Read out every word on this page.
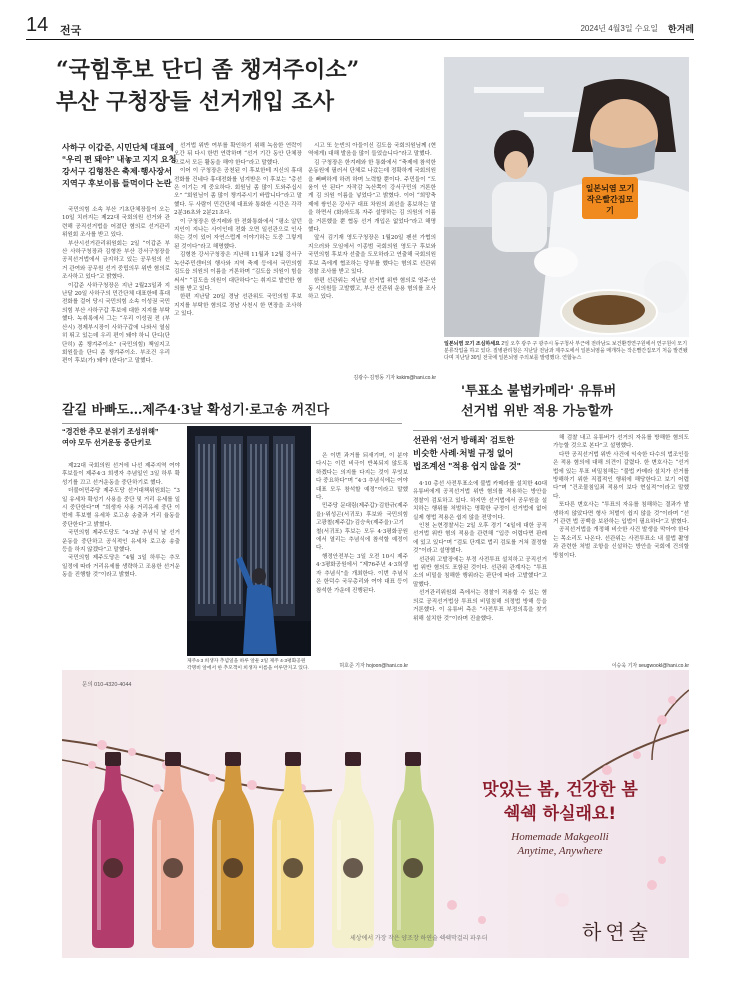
14 전국	2024년 4월3일 수요일 한겨레
“국힘후보 단디 좀 챙겨주이소”
부산 구청장들 선거개입 조사
사하구 이갑준, 시민단체 대표에
“우리 편 돼야” 내놓고 지지 요청
강서구 김형찬은 축제·행사장서
지역구 후보이름 들먹이다 논란

국민의힘 소속 부산 기초단체장들이 오는 10일 치러지는 제22대 국회의원 선거와 관련해 공직선거법을 어겼단 혐의로 선거관리위원회 조사를 받고 있다.

부산시선거관리위원회는 2일 “이갑준 부산 사하구청장과 김형찬 부산 강서구청장을 공직선거법에서 금지하고 있는 공무원의 선거 관여와 공무원 선거 중립의무 위반 혐의로 조사하고 있다”고 밝혔다.

이갑준 사하구청장은 지난 2월23일과 지난달 20일 사하구의 민간단체 대표한테 휴대전화를 걸어 당시 국민의힘 소속 이성권 국민의힘 부산 사하구갑 후보에 대한 지지를 부탁했다. 녹취록에서 그는 “우리 이성권 전 (부산시) 경제부시장이 사하구갑에 나와서 열심히 뛰고 있는데 우리 편이 돼야 하니 단디(단단히) 좀 챙겨주이소” (국민의힘) 책임지고 회원들을 단디 좀 챙겨주이소. 부조건 우리 편이 후보(가) 돼야 (한다)”고 말했다.

선거법 위반 여부를 확인하기 위해 녹음한 연락이 오간 뒤 다시 한번 연락하며 “선거 기간 동안 단체장으로서 모든 활동을 해야 한다”라고 말했다.

이어 이 구청장은 공천된 이 후보한테 지신의 휴대전화를 건네다 휴대전화를 넘겨받은 이 후보는 “총선은 이기는 게 중요하다. 회원님 좀 많이 도와주십시오” “회원님이 좀 많이 챙겨주시기 바랍니다”라고 말했다. 두 사람이 민간단체 대표와 통화한 시간은 각각 2분36초와 2분21초다.

이 구청장은 한겨레와 한 전화통화에서 “평소 알던 지인이 지나는 사이인데 전화 오면 일선관으로 인사하는 것이 있어 자연스럽게 이야기하는 도중 그렇게 된 것이다”라고 해명했다.

김형찬 강서구청장은 지난해 11월과 12월 강서구 녹산주민센터의 행사와 지역 축제 등에서 국민의힘 김도읍 의원의 이름을 거론하며 “김도읍 의원이 힘을 써서” “김도읍 의원이 대단하다”는 취지로 발언한 혐의를 받고 있다.

한편 지난달 20일 경남 선관위도 국민의힘 후보 지지를 부탁한 혐의로 경남 사천시 한 면장을 조사하고 있다.

시고 또 눈빈의 아들이신 김도읍 국회의원님께 (현역에게) 대해 발음을 많이 들었습니다”라고 말했다.

김 구청장은 한겨레와 한 통화에서 “축제에 참석한 운동원에 필러서 단체로 나갔는데 정확하게 국회의원을 뻐뻐하게 하려 하며 노력할 뿐이다. 주민들이 “도움이 안 된다” 자작감 녹산쪽이 강서구민의 거론한 게 김 의원 이름을 넣었다”고 밝혔다. 이어 “희망축제에 쌍인은 강서구 대표 차원의 최선을 홍보하는 말을 하면서 (화)하도록 자주 설명하는 김 의원의 이름을 거론했을 뿐 협동 선거 개입은 없었다”라고 해명했다.

앞서 김기재 영도구청장은 1월20일 펜션 가협의 지으러와 모임에서 이종범 국회의원 영도구 후보와 국민의힘 후보자 선출을 도모하라고 연출해 국회의원 후보 측에게 협조하는 당부를 했다는 혐의로 선관위 경찰 조사를 받고 있다.

한편 선관위는 지난달 선거법 위반 혐의로 영주·안동 시의원들 고발했고, 부산 선관위 운용 혐의를 조사하고 있다.

김광수·김영동 기자 kskim@hani.co.kr
일본뇌염 모기 작은빨간집모기
일본뇌염 모기 조심하세요 2일 오후 광주 구 광주시 동구청사 부근에 전라남도 보건환경연구원에서 연구원이 모기 분류작업을 하고 있다. 질병관리청은 지난달 전남과 제주도에서 일본뇌염을 매개하는 작은빨간집모기 처음 발견됐다며 지난달 30일 전국에 일본뇌염 주의보를 발령했다. 연합뉴스
'투표소 불법카메라' 유튜버
선거법 위반 적용 가능할까
갈길 바빠도…제주4·3날 확성기·로고송 꺼진다
“경건한 추모 분위기 조성위해”
여야 모두 선거운동 중단키로

제22대 국회의원 선거에 나선 제주지역 여야 후보들이 제주4·3 희생자 추념일인 3일 하루 확성기를 끄고 선거운동을 중단하기로 했다.

더불어민주당 제주도당 선거대책위원회는 “3일 유세차 확성기 사용을 중단 및 거리 유세를 일시 중단한다”며 “희생자 사용 거리유세 중단 이번에 후보별 유세차 로고송 송출과 거리 율동을 중단한다”고 밝혔다.

국민의힘 제주도당도 “4·3날 추념식 날 선거운동을 중단하고 공식적인 유세차 로고송 송출 등을 하지 않겠다”고 말했다.

국민의힘 제주도당은 “4월 3일 하루는 추모 일정에 따라 거리유세를 생략하고 조용한 선거운동을 진행할 것”이라고 밝혔다.

제주4·3 희생자 추념일을 하루 앞둔 2일 제주 4·3평화공원 각명비 앞에서 한 추모객이 희생자 이름을 어루만지고 있다.

은 이번 과거를 되새기며, 이 분야 다시는 이런 비극이 반복되지 않도록 하겠다는 의지를 다지는 것이 무엇보다 중요하다”며 “4·3 추념식에는 여야 대표 모두 참석할 예정”이라고 말했다.

민주당 문대림(제주갑)·김한규(제주을)·위성곤(서귀포) 후보와 국민의힘 고광철(제주갑)·김승욱(제주을)·고기철(서귀포) 후보는 모두 4·3평화공원에서 열리는 추념식에 참석할 예정이다.

행정안전부는 3일 오전 10시 제주4·3평화공원에서 “제76주년 4·3희생자 추념식”을 개최한다. 이번 추념식은 한덕수 국무총리와 여야 대표 등이 참석한 가운데 진행된다.

허호준 기자 hojoon@hani.co.kr
선관위 '선거 방해죄' 검토한
비슷한 사례·처벌 규정 없어
법조계선 "적용 쉽지 않을 것"

4·10 총선 사전투표소에 불법 카메라를 설치한 40대 유튜버에게 공직선거법 위반 혐의를 적용하는 방안을 경찰이 검토하고 있다. 하지만 선거법에서 공무원을 설치하는 행위를 처벌하는 명확한 규정이 선거법에 없어 실제 형법 적용은 쉽지 않을 전망이다.

인천 논현경찰서는 2일 오후 경기 “4일에 대한 공직선거법 위반 혐의 적용을 관련해 “입증 어렵다면 판례에 있고 있다”며 “검토 단계로 법리 검토를 거쳐 결정할 것”이라고 설명했다.

선관위 고발장에는 부정 사전투표 설치하고 공직선거법 위반 혐의도 포함된 것이다. 선관위 관계자는 “투표소의 비밀을 침해한 행위라는 판단에 따라 고발했다”고 말했다.

선거관리위원회 측에서는 경찰이 적용할 수 있는 혐의로 공직선거법상 투표의 비밀침해 의정법 방해 등을 거론했다. 이 유튜버 측은 “사전투표 부정의혹을 찾기 위해 설치한 것”이라며 진술했다.

해 검찰 내고 유튜버가 선거의 자유를 방해한 혐의도 가능할 것으로 본다”고 설명했다.

다만 공직선거법 위반 사건에 익숙한 다수의 법조인들은 적용 혐의에 대해 의견이 갈렸다. 한 변호사는 “선거법에 있는 투표 비밀침해는 “불법 카메라 설치가 선거를 방해하기 위한 직접적인 행위에 해당한다고 보기 어렵다”며 “건조물침입죄 적용이 보다 현실적”이라고 말했다.

또다른 변호사는 “투표의 자유를 침해하는 결과가 발생하지 않았다면 형사 처벌이 쉽지 않을 것”이라며 “선거 관련 법 공백을 보완하는 입법이 필요하다”고 밝혔다.

공직선거법을 개정해 비슷한 사건 발생을 막아야 한다는 목소리도 나온다. 선관위는 사전투표소 내 불법 촬영과 관련한 처벌 조항을 신설하는 방안을 국회에 건의할 방침이다.

이승욱 기자 seugwookl@hani.co.kr
문의 010-4320-4044
맛있는 봄, 건강한 봄
쉑쉑 하실래요!
Homemade Makgeolli
Anytime, Anywhere
세상에서 가장 작은 양조장 하연술 쉑쉑막걸리 파우더	하연술
